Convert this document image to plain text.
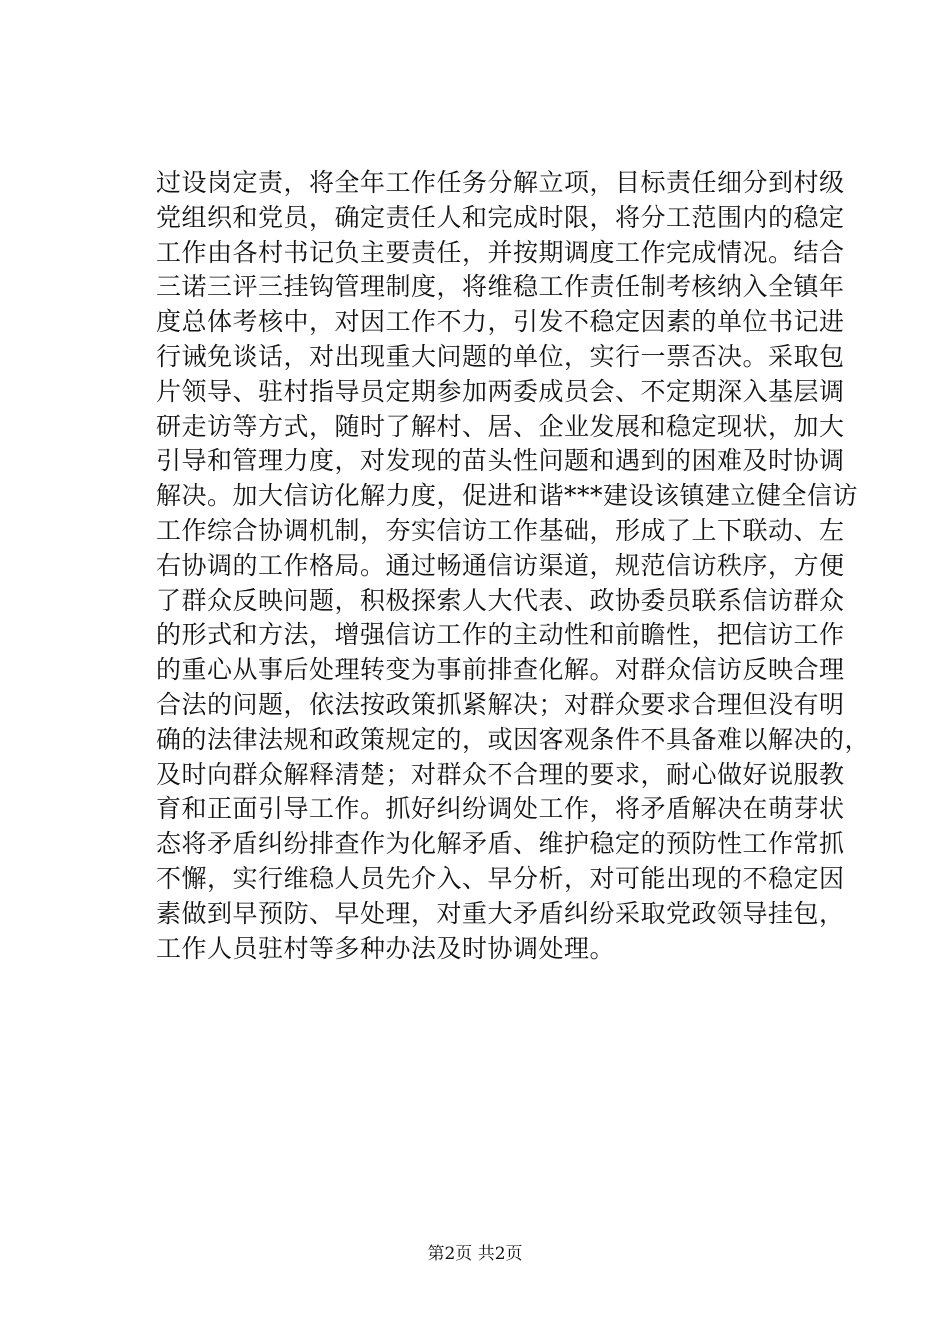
过设岗定责，将全年工作任务分解立项，目标责任细分到村级
党组织和党员，确定责任人和完成时限，将分工范围内的稳定
工作由各村书记负主要责任，并按期调度工作完成情况。结合
三诺三评三挂钩管理制度，将维稳工作责任制考核纳入全镇年
度总体考核中，对因工作不力，引发不稳定因素的单位书记进
行诫免谈话，对出现重大问题的单位，实行一票否决。采取包
片领导、驻村指导员定期参加两委成员会、不定期深入基层调
研走访等方式，随时了解村、居、企业发展和稳定现状，加大
引导和管理力度，对发现的苗头性问题和遇到的困难及时协调
解决。加大信访化解力度，促进和谐***建设该镇建立健全信访
工作综合协调机制，夯实信访工作基础，形成了上下联动、左
右协调的工作格局。通过畅通信访渠道，规范信访秩序，方便
了群众反映问题，积极探索人大代表、政协委员联系信访群众
的形式和方法，增强信访工作的主动性和前瞻性，把信访工作
的重心从事后处理转变为事前排查化解。对群众信访反映合理
合法的问题，依法按政策抓紧解决；对群众要求合理但没有明
确的法律法规和政策规定的，或因客观条件不具备难以解决的，
及时向群众解释清楚；对群众不合理的要求，耐心做好说服教
育和正面引导工作。抓好纠纷调处工作，将矛盾解决在萌芽状
态将矛盾纠纷排查作为化解矛盾、维护稳定的预防性工作常抓
不懈，实行维稳人员先介入、早分析，对可能出现的不稳定因
素做到早预防、早处理，对重大矛盾纠纷采取党政领导挂包，
工作人员驻村等多种办法及时协调处理。
第2页 共2页
